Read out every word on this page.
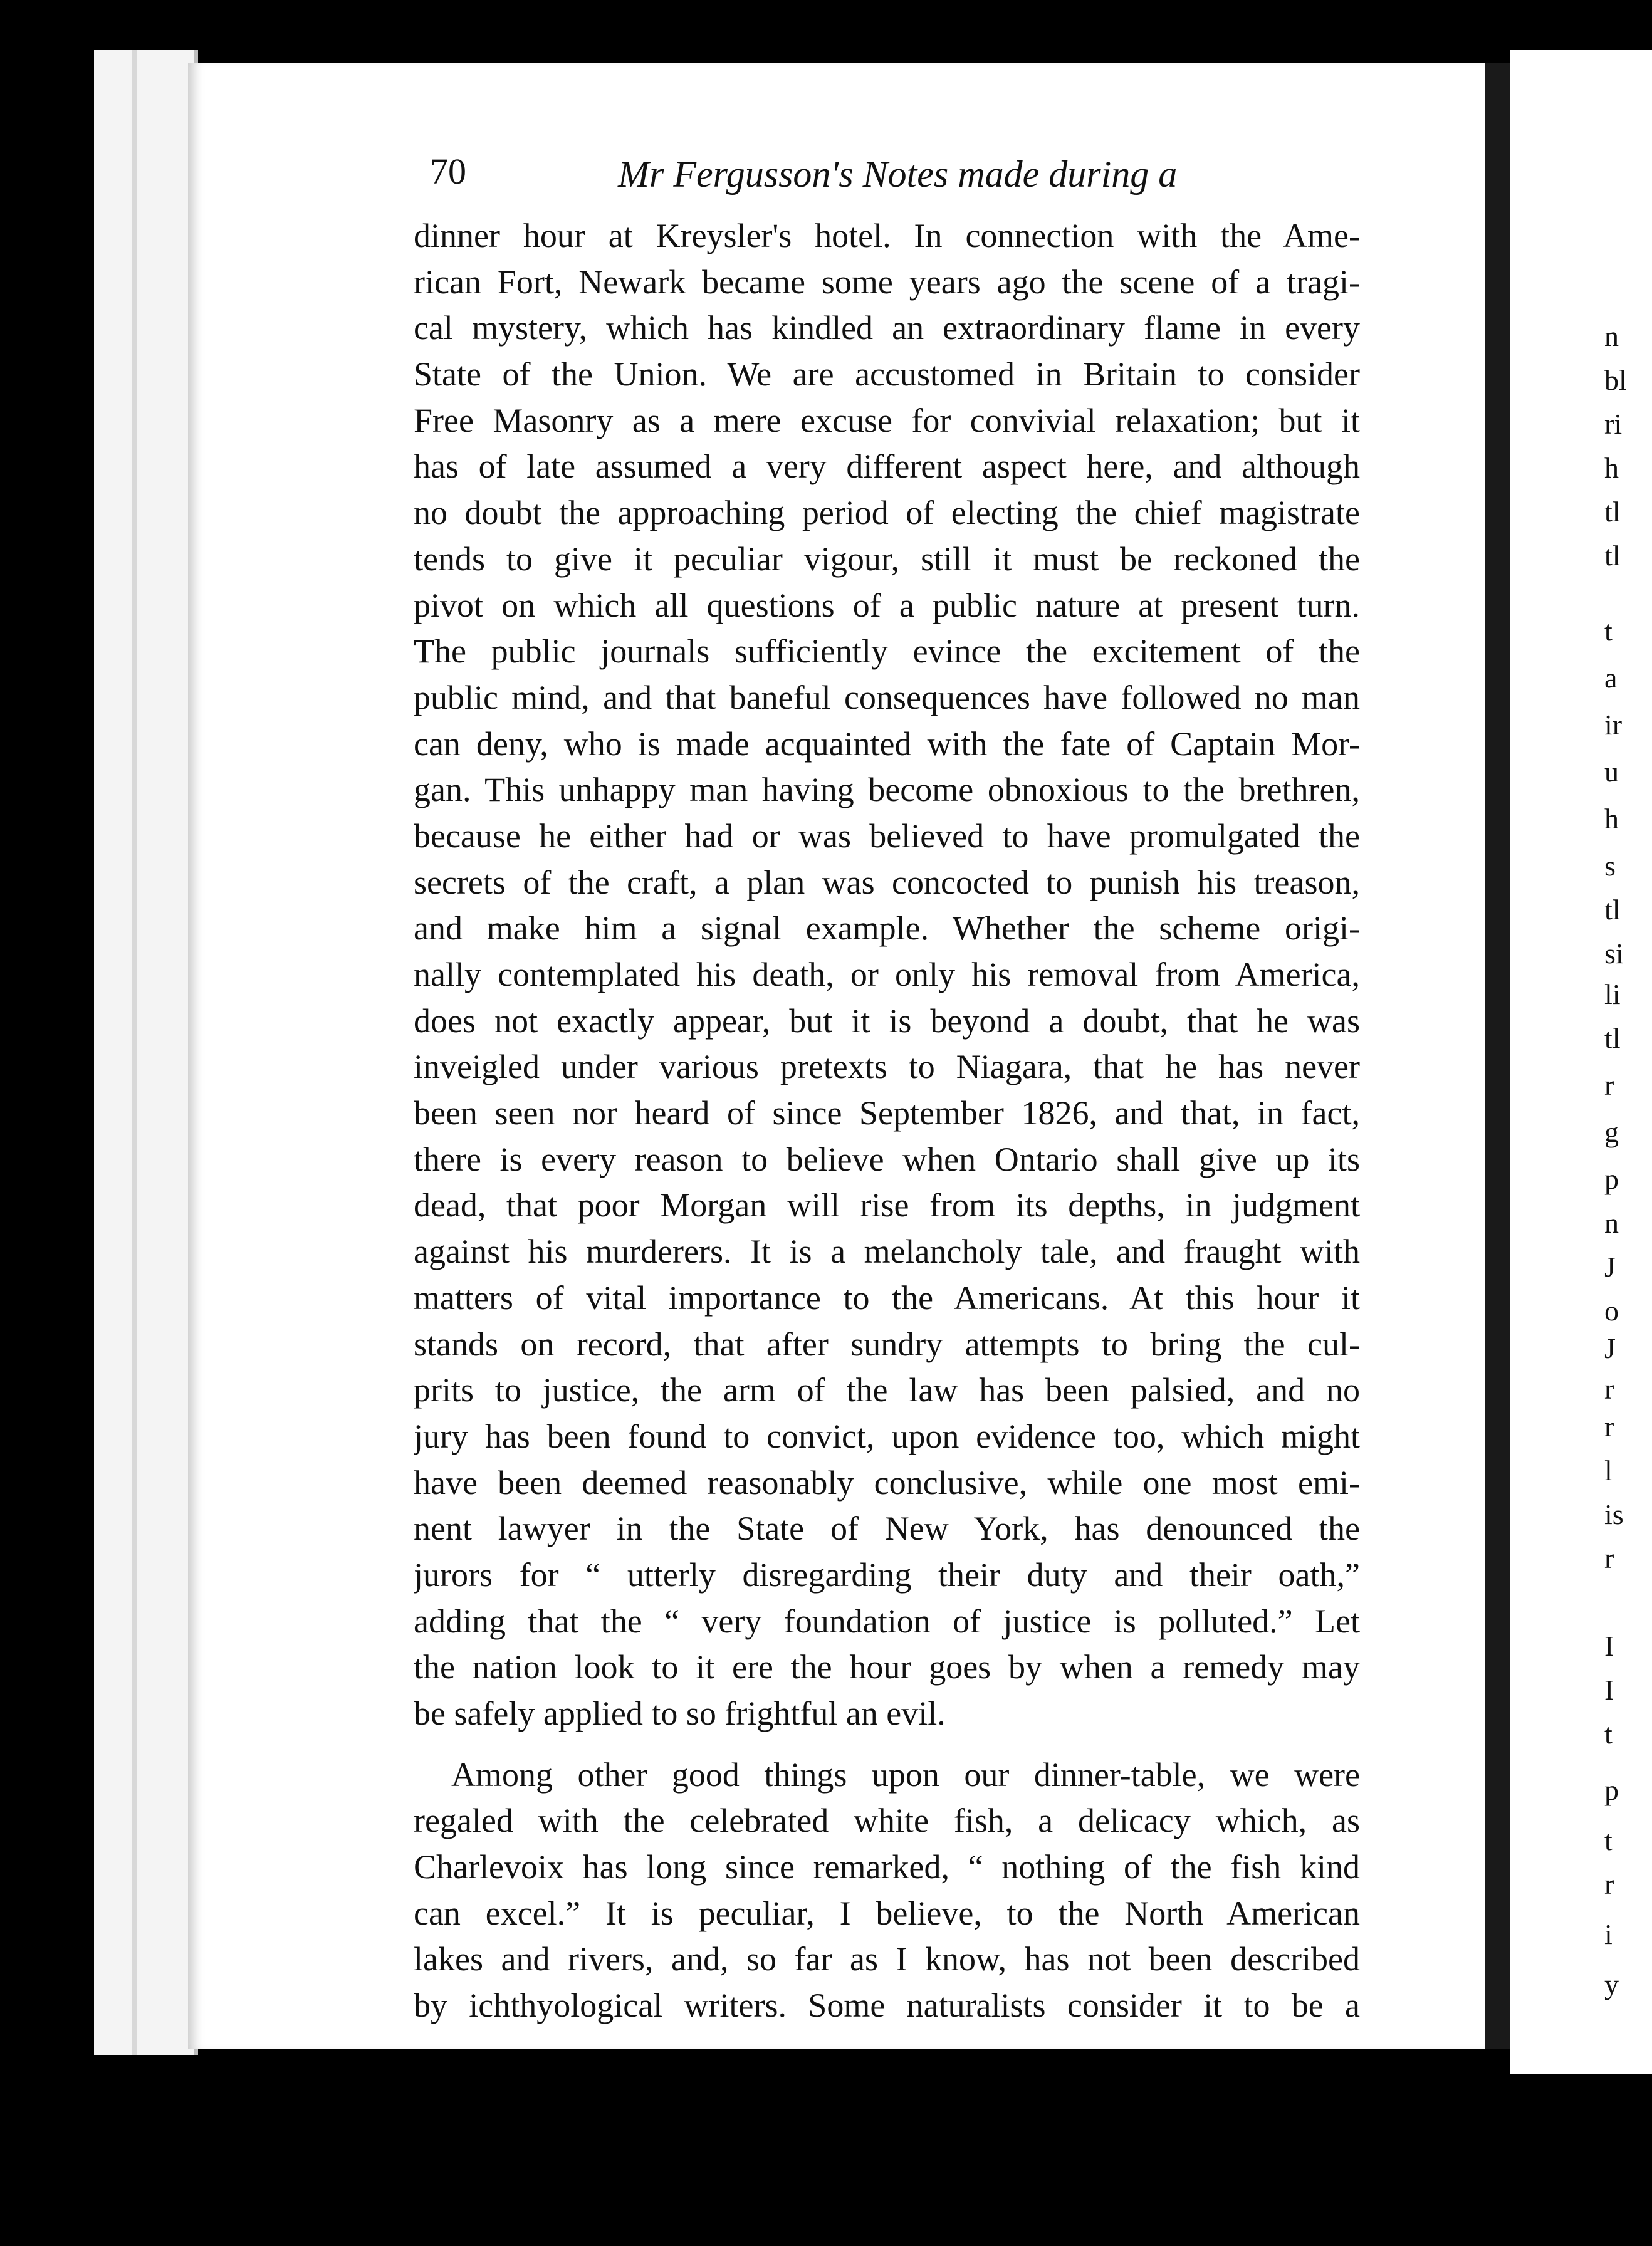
n
bl
ri
h
tl
tl
t
a
ir
u
h
s
tl
si
li
tl
r
g
p
n
J
o
J
r
r
l
is
r
I
I
t
p
t
r
i
y
70	Mr Fergusson's Notes made during a
dinner hour at Kreysler's hotel. In connection with the Ame-
rican Fort, Newark became some years ago the scene of a tragi-
cal mystery, which has kindled an extraordinary flame in every
State of the Union. We are accustomed in Britain to consider
Free Masonry as a mere excuse for convivial relaxation; but it
has of late assumed a very different aspect here, and although
no doubt the approaching period of electing the chief magistrate
tends to give it peculiar vigour, still it must be reckoned the
pivot on which all questions of a public nature at present turn.
The public journals sufficiently evince the excitement of the
public mind, and that baneful consequences have followed no man
can deny, who is made acquainted with the fate of Captain Mor-
gan. This unhappy man having become obnoxious to the brethren,
because he either had or was believed to have promulgated the
secrets of the craft, a plan was concocted to punish his treason,
and make him a signal example. Whether the scheme origi-
nally contemplated his death, or only his removal from America,
does not exactly appear, but it is beyond a doubt, that he was
inveigled under various pretexts to Niagara, that he has never
been seen nor heard of since September 1826, and that, in fact,
there is every reason to believe when Ontario shall give up its
dead, that poor Morgan will rise from its depths, in judgment
against his murderers. It is a melancholy tale, and fraught with
matters of vital importance to the Americans. At this hour it
stands on record, that after sundry attempts to bring the cul-
prits to justice, the arm of the law has been palsied, and no
jury has been found to convict, upon evidence too, which might
have been deemed reasonably conclusive, while one most emi-
nent lawyer in the State of New York, has denounced the
jurors for “ utterly disregarding their duty and their oath,”
adding that the “ very foundation of justice is polluted.” Let
the nation look to it ere the hour goes by when a remedy may
be safely applied to so frightful an evil.
Among other good things upon our dinner-table, we were
regaled with the celebrated white fish, a delicacy which, as
Charlevoix has long since remarked, “ nothing of the fish kind
can excel.” It is peculiar, I believe, to the North American
lakes and rivers, and, so far as I know, has not been described
by ichthyological writers. Some naturalists consider it to be a
